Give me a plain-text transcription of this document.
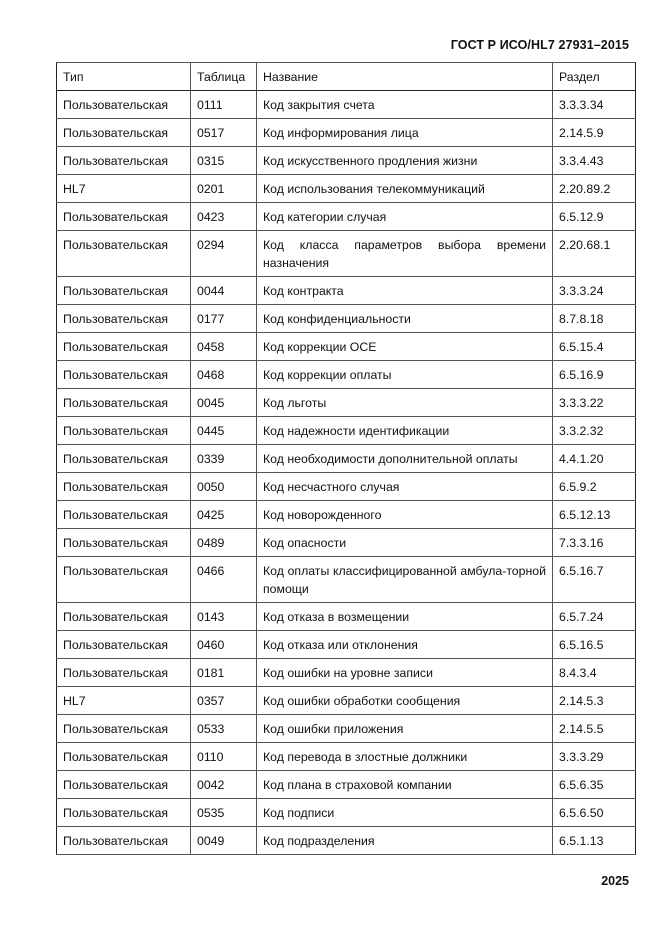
ГОСТ Р ИСО/HL7 27931–2015
Тип	Таблица	Название	Раздел
Пользовательская	0111	Код закрытия счета	3.3.3.34
Пользовательская	0517	Код информирования лица	2.14.5.9
Пользовательская	0315	Код искусственного продления жизни	3.3.4.43
HL7	0201	Код использования телекоммуникаций	2.20.89.2
Пользовательская	0423	Код категории случая	6.5.12.9
Пользовательская	0294	Код класса параметров выбора времени назначения	2.20.68.1
Пользовательская	0044	Код контракта	3.3.3.24
Пользовательская	0177	Код конфиденциальности	8.7.8.18
Пользовательская	0458	Код коррекции ОСЕ	6.5.15.4
Пользовательская	0468	Код коррекции оплаты	6.5.16.9
Пользовательская	0045	Код льготы	3.3.3.22
Пользовательская	0445	Код надежности идентификации	3.3.2.32
Пользовательская	0339	Код необходимости дополнительной оплаты	4.4.1.20
Пользовательская	0050	Код несчастного случая	6.5.9.2
Пользовательская	0425	Код новорожденного	6.5.12.13
Пользовательская	0489	Код опасности	7.3.3.16
Пользовательская	0466	Код оплаты классифицированной амбула-торной помощи	6.5.16.7
Пользовательская	0143	Код отказа в возмещении	6.5.7.24
Пользовательская	0460	Код отказа или отклонения	6.5.16.5
Пользовательская	0181	Код ошибки на уровне записи	8.4.3.4
HL7	0357	Код ошибки обработки сообщения	2.14.5.3
Пользовательская	0533	Код ошибки приложения	2.14.5.5
Пользовательская	0110	Код перевода в злостные должники	3.3.3.29
Пользовательская	0042	Код плана в страховой компании	6.5.6.35
Пользовательская	0535	Код подписи	6.5.6.50
Пользовательская	0049	Код подразделения	6.5.1.13
2025
